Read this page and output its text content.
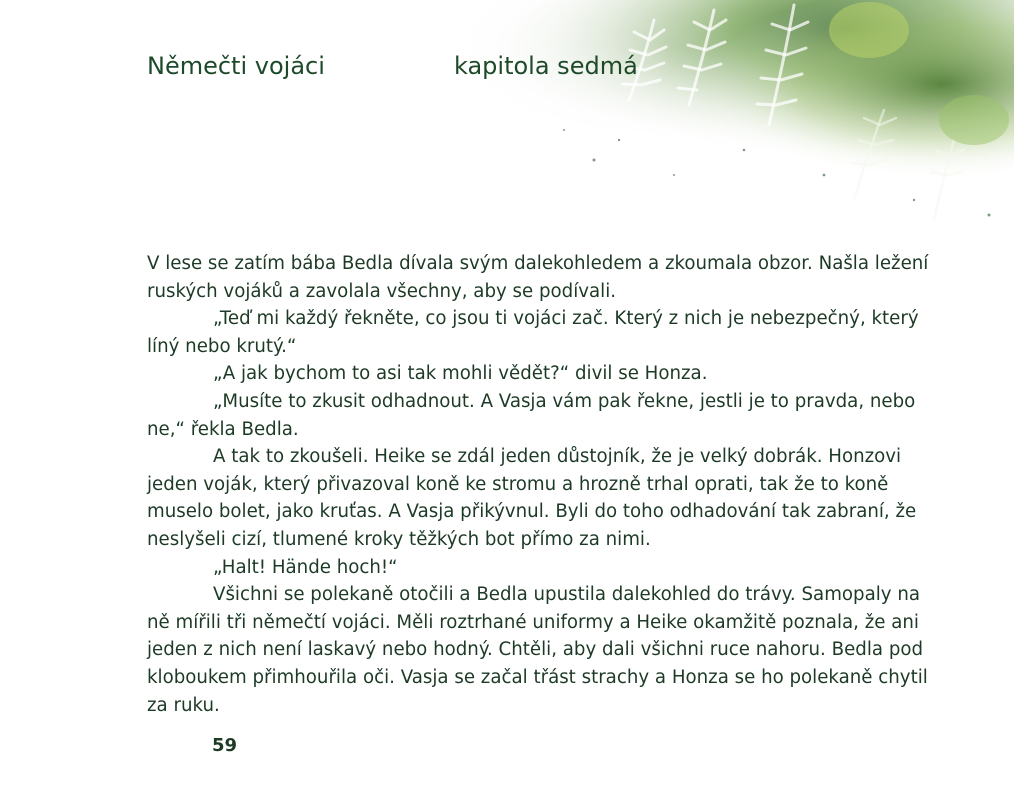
Němečti vojáci	kapitola sedmá

V lese se zatím bába Bedla dívala svým dalekohledem a zkoumala obzor. Našla ležení ruských vojáků a zavolala všechny, aby se podívali.

„Teď mi každý řekněte, co jsou ti vojáci zač. Který z nich je nebezpečný, který líný nebo krutý.“

„A jak bychom to asi tak mohli vědět?“ divil se Honza.

„Musíte to zkusit odhadnout. A Vasja vám pak řekne, jestli je to pravda, nebo ne,“ řekla Bedla.

A tak to zkoušeli. Heike se zdál jeden důstojník, že je velký dobrák. Honzovi jeden voják, který přivazoval koně ke stromu a hrozně trhal oprati, tak že to koně muselo bolet, jako kruťas. A Vasja přikývnul. Byli do toho odhadování tak zabraní, že neslyšeli cizí, tlumené kroky těžkých bot přímo za nimi.

„Halt! Hände hoch!“

Všichni se polekaně otočili a Bedla upustila dalekohled do trávy. Samopaly na ně mířili tři němečtí vojáci. Měli roztrhané uniformy a Heike okamžitě poznala, že ani jeden z nich není laskavý nebo hodný. Chtěli, aby dali všichni ruce nahoru. Bedla pod kloboukem přimhouřila oči. Vasja se začal třást strachy a Honza se ho polekaně chytil za ruku.

59
